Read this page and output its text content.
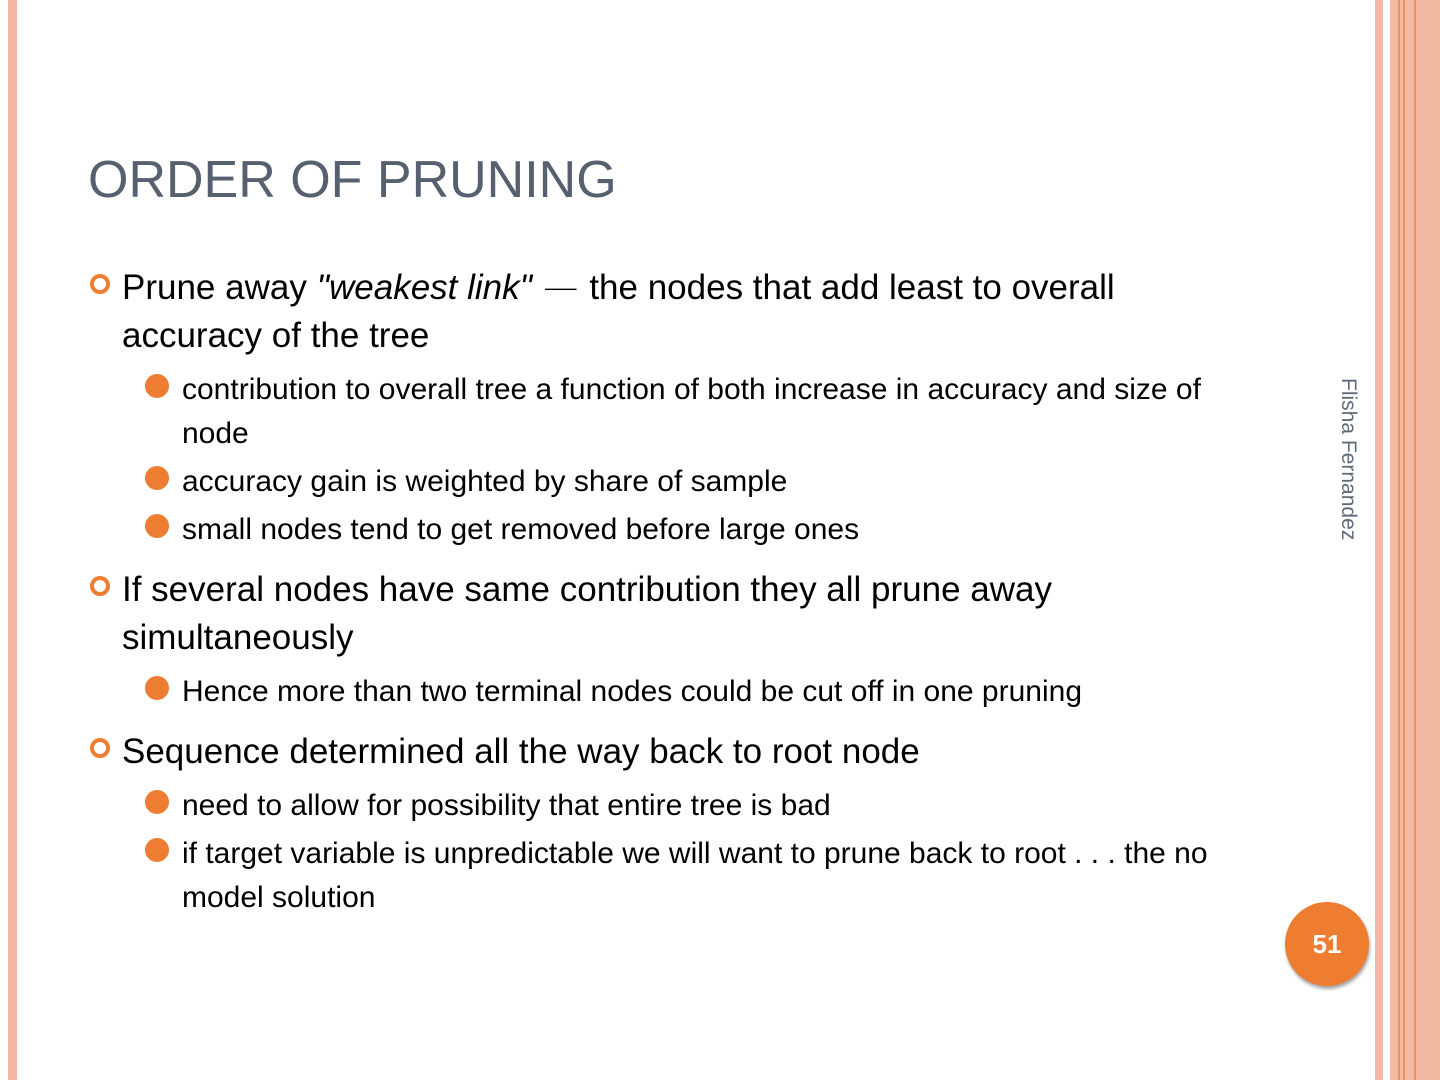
ORDER OF PRUNING
Prune away "weakest link" — the nodes that add least to overall accuracy of the tree
contribution to overall tree a function of both increase in accuracy and size of node
accuracy gain is weighted by share of sample
small nodes tend to get removed before large ones
If several nodes have same contribution they all prune away simultaneously
Hence more than two terminal nodes could be cut off in one pruning
Sequence determined all the way back to root node
need to allow for possibility that entire tree is bad
if target variable is unpredictable we will want to prune back to root . . . the no model solution
Flisha Fernandez
51
